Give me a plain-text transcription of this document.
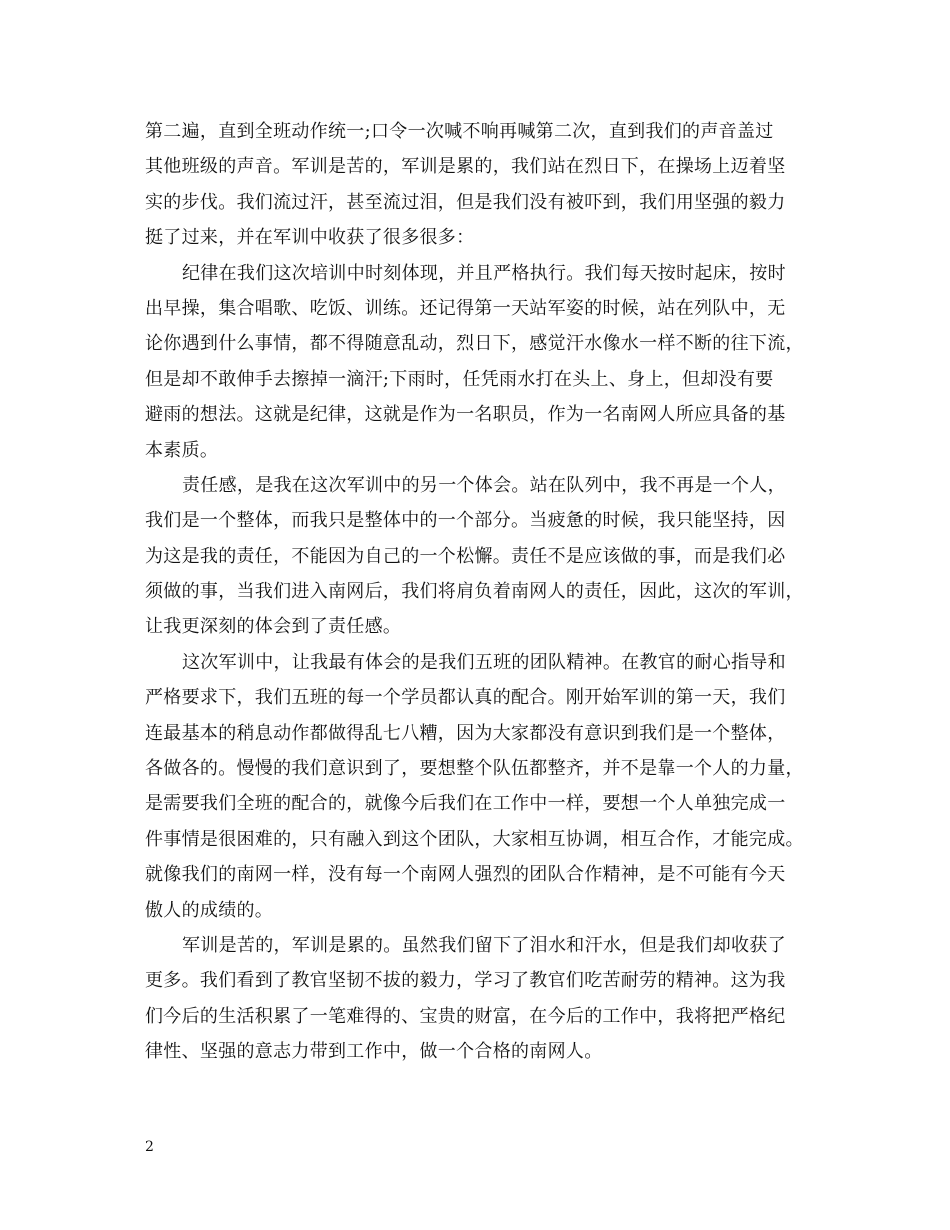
第二遍，直到全班动作统一;口令一次喊不响再喊第二次，直到我们的声音盖过
其他班级的声音。军训是苦的，军训是累的，我们站在烈日下，在操场上迈着坚
实的步伐。我们流过汗，甚至流过泪，但是我们没有被吓到，我们用坚强的毅力
挺了过来，并在军训中收获了很多很多：
纪律在我们这次培训中时刻体现，并且严格执行。我们每天按时起床，按时
出早操，集合唱歌、吃饭、训练。还记得第一天站军姿的时候，站在列队中，无
论你遇到什么事情，都不得随意乱动，烈日下，感觉汗水像水一样不断的往下流，
但是却不敢伸手去擦掉一滴汗;下雨时，任凭雨水打在头上、身上，但却没有要
避雨的想法。这就是纪律，这就是作为一名职员，作为一名南网人所应具备的基
本素质。
责任感，是我在这次军训中的另一个体会。站在队列中，我不再是一个人，
我们是一个整体，而我只是整体中的一个部分。当疲惫的时候，我只能坚持，因
为这是我的责任，不能因为自己的一个松懈。责任不是应该做的事，而是我们必
须做的事，当我们进入南网后，我们将肩负着南网人的责任，因此，这次的军训，
让我更深刻的体会到了责任感。
这次军训中，让我最有体会的是我们五班的团队精神。在教官的耐心指导和
严格要求下，我们五班的每一个学员都认真的配合。刚开始军训的第一天，我们
连最基本的稍息动作都做得乱七八糟，因为大家都没有意识到我们是一个整体，
各做各的。慢慢的我们意识到了，要想整个队伍都整齐，并不是靠一个人的力量，
是需要我们全班的配合的，就像今后我们在工作中一样，要想一个人单独完成一
件事情是很困难的，只有融入到这个团队，大家相互协调，相互合作，才能完成。
就像我们的南网一样，没有每一个南网人强烈的团队合作精神，是不可能有今天
傲人的成绩的。
军训是苦的，军训是累的。虽然我们留下了泪水和汗水，但是我们却收获了
更多。我们看到了教官坚韧不拔的毅力，学习了教官们吃苦耐劳的精神。这为我
们今后的生活积累了一笔难得的、宝贵的财富，在今后的工作中，我将把严格纪
律性、坚强的意志力带到工作中，做一个合格的南网人。
2
